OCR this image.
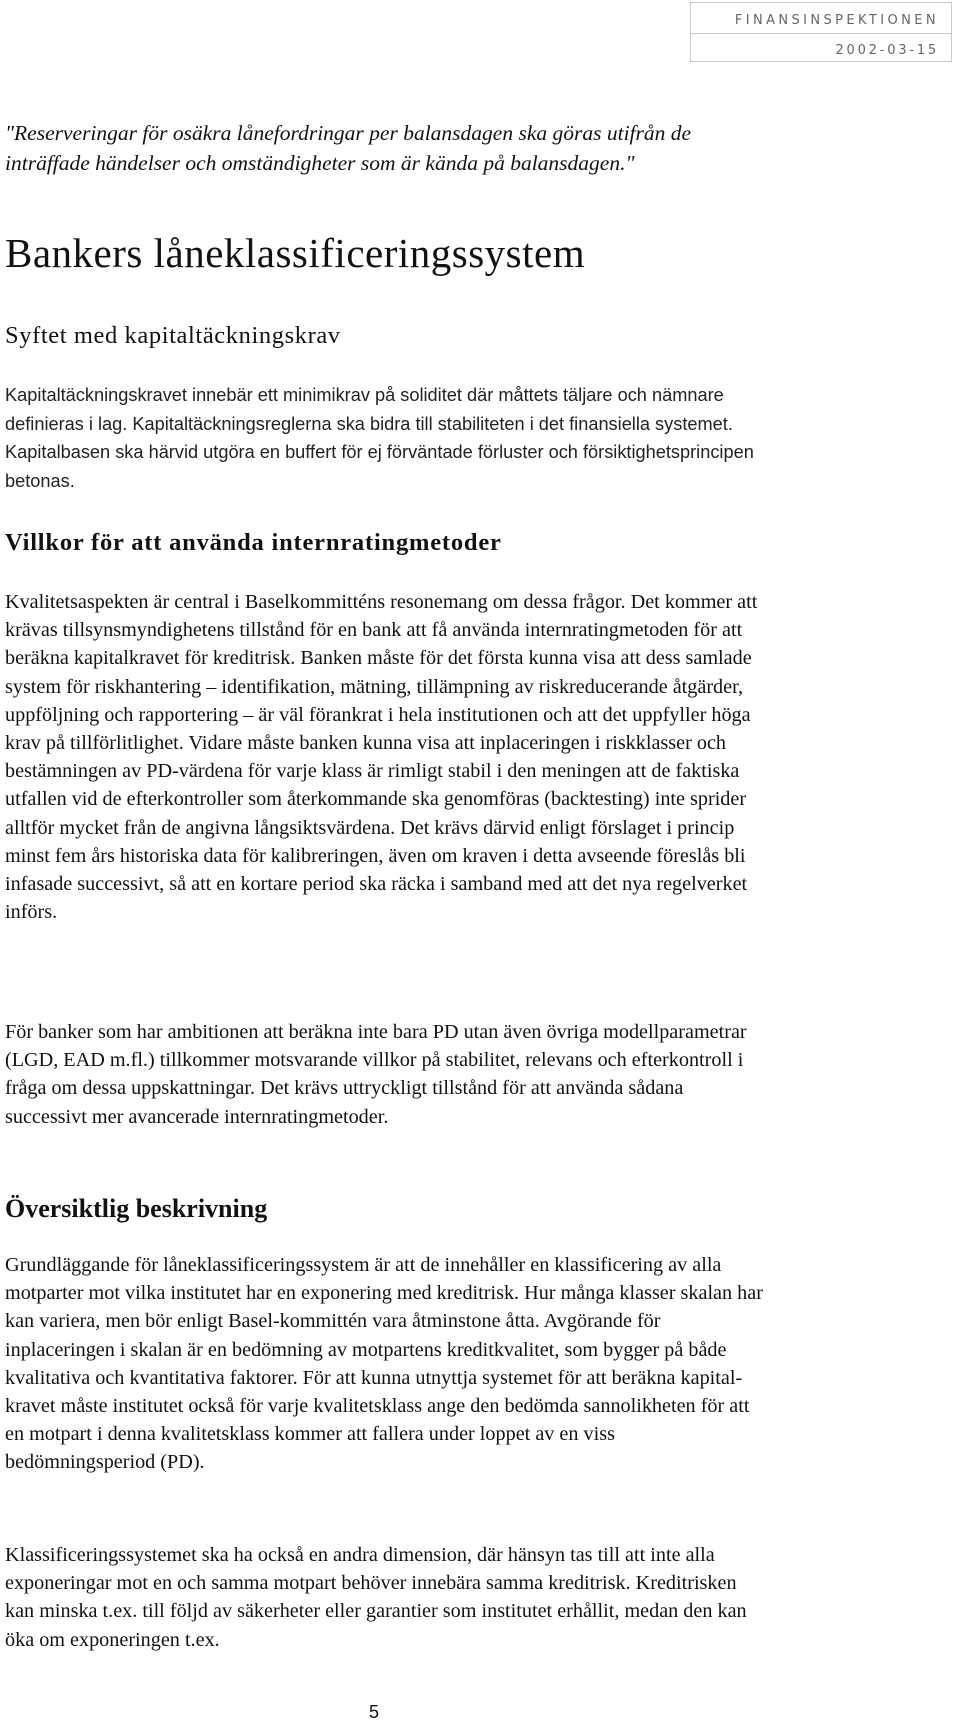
FINANSINSPEKTIONEN
2002-03-15
"Reserveringar för osäkra lånefordringar per balansdagen ska göras utifrån de inträffade händelser och omständigheter som är kända på balansdagen."
Bankers låneklassificeringssystem
Syftet med kapitaltäckningskrav
Kapitaltäckningskravet innebär ett minimikrav på soliditet där måttets täljare och nämnare definieras i lag. Kapitaltäckningsreglerna ska bidra till stabiliteten i det finansiella systemet. Kapitalbasen ska härvid utgöra en buffert för ej förväntade förluster och försiktighetsprincipen betonas.
Villkor för att använda internratingmetoder
Kvalitetsaspekten är central i Baselkommitténs resonemang om dessa frågor. Det kommer att krävas tillsynsmyndighetens tillstånd för en bank att få använda internratingmetoden för att beräkna kapitalkravet för kreditrisk. Banken måste för det första kunna visa att dess samlade system för riskhantering – identifikation, mätning, tillämpning av riskreducerande åtgärder, uppföljning och rapportering – är väl förankrat i hela institutionen och att det uppfyller höga krav på tillförlitlighet. Vidare måste banken kunna visa att inplaceringen i riskklasser och bestämningen av PD-värdena för varje klass är rimligt stabil i den meningen att de faktiska utfallen vid de efterkontroller som återkommande ska genomföras (backtesting) inte sprider alltför mycket från de angivna långsiktsvärdena. Det krävs därvid enligt förslaget i princip minst fem års historiska data för kalibreringen, även om kraven i detta avseende föreslås bli infasade successivt, så att en kortare period ska räcka i samband med att det nya regelverket införs.
För banker som har ambitionen att beräkna inte bara PD utan även övriga modellparametrar (LGD, EAD m.fl.) tillkommer motsvarande villkor på stabilitet, relevans och efterkontroll i fråga om dessa uppskattningar. Det krävs uttryckligt tillstånd för att använda sådana successivt mer avancerade internratingmetoder.
Översiktlig beskrivning
Grundläggande för låneklassificeringssystem är att de innehåller en klassificering av alla motparter mot vilka institutet har en exponering med kreditrisk. Hur många klasser skalan har kan variera, men bör enligt Basel-kommittén vara åtminstone åtta. Avgörande för inplaceringen i skalan är en bedömning av motpartens kreditkvalitet, som bygger på både kvalitativa och kvantitativa faktorer. För att kunna utnyttja systemet för att beräkna kapital-kravet måste institutet också för varje kvalitetsklass ange den bedömda sannolikheten för att en motpart i denna kvalitetsklass kommer att fallera under loppet av en viss bedömningsperiod (PD).
Klassificeringssystemet ska ha också en andra dimension, där hänsyn tas till att inte alla exponeringar mot en och samma motpart behöver innebära samma kreditrisk. Kreditrisken kan minska t.ex. till följd av säkerheter eller garantier som institutet erhållit, medan den kan öka om exponeringen t.ex.
5
